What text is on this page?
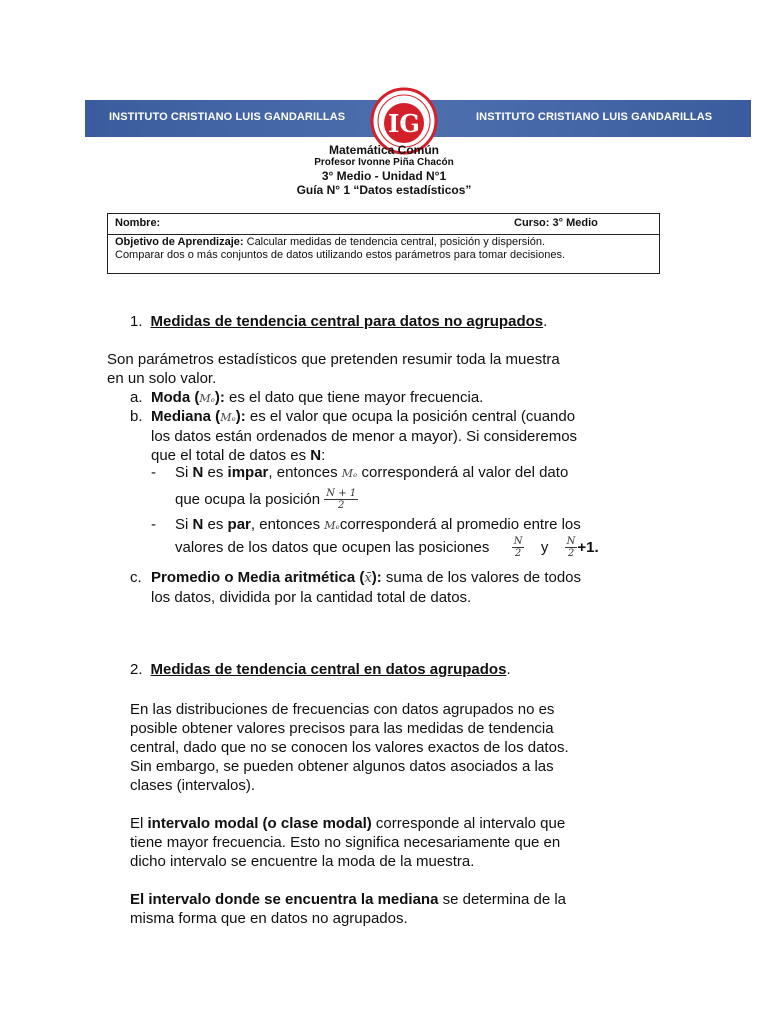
INSTITUTO CRISTIANO LUIS GANDARILLAS	INSTITUTO CRISTIANO LUIS GANDARILLAS
IG
Matemática Común
Profesor Ivonne Piña Chacón
3° Medio - Unidad N°1
Guía N° 1 “Datos estadísticos”
Nombre:	Curso: 3° Medio
Objetivo de Aprendizaje: Calcular medidas de tendencia central, posición y dispersión.
Comparar dos o más conjuntos de datos utilizando estos parámetros para tomar decisiones.
1. Medidas de tendencia central para datos no agrupados.
Son parámetros estadísticos que pretenden resumir toda la muestra
en un solo valor.
a. Moda (Mₒ): es el dato que tiene mayor frecuencia.
b. Mediana (Mₑ): es el valor que ocupa la posición central (cuando
los datos están ordenados de menor a mayor). Si consideremos
que el total de datos es N:
- Si N es impar, entonces Mₑ corresponderá al valor del dato
que ocupa la posición $\frac{N + 1}{2}$
- Si N es par, entonces Mₑcorresponderá al promedio entre los
valores de los datos que ocupen las posiciones $\frac{N}{2}$ y $\frac{N}{2} +1$.
c. Promedio o Media aritmética (x̄): suma de los valores de todos
los datos, dividida por la cantidad total de datos.
2. Medidas de tendencia central en datos agrupados.
En las distribuciones de frecuencias con datos agrupados no es
posible obtener valores precisos para las medidas de tendencia
central, dado que no se conocen los valores exactos de los datos.
Sin embargo, se pueden obtener algunos datos asociados a las
clases (intervalos).
El intervalo modal (o clase modal) corresponde al intervalo que
tiene mayor frecuencia. Esto no significa necesariamente que en
dicho intervalo se encuentre la moda de la muestra.
El intervalo donde se encuentra la mediana se determina de la
misma forma que en datos no agrupados.
